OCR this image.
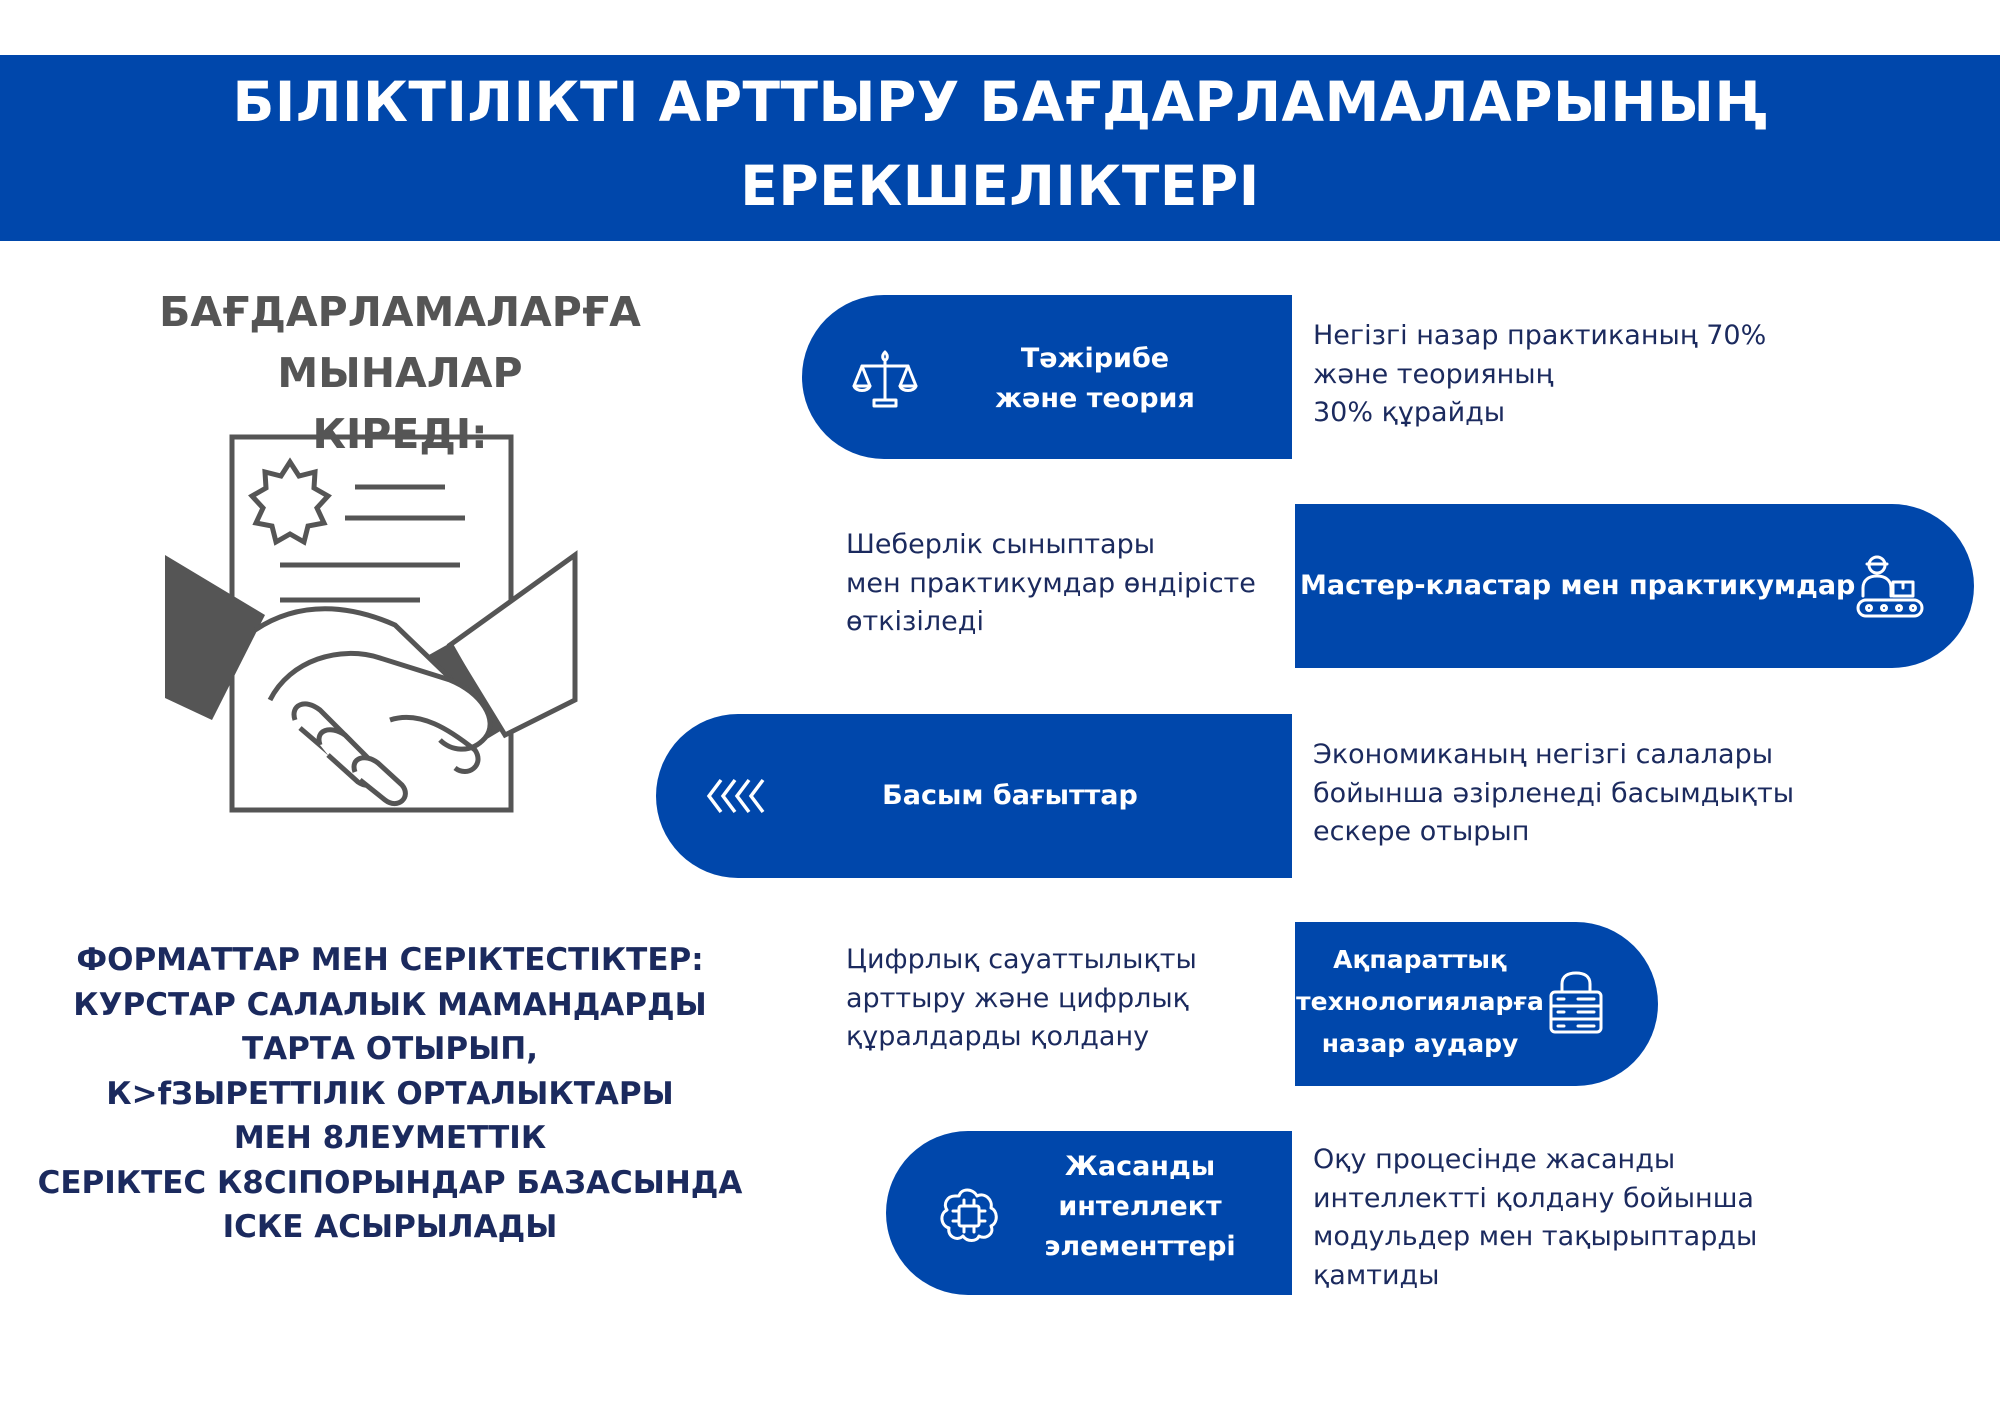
БІЛІКТІЛІКТІ АРТТЫРУ БАҒДАРЛАМАЛАРЫНЫҢ
ЕРЕКШЕЛІКТЕРІ
БАҒДАРЛАМАЛАРҒА МЫНАЛАР
КІРЕДІ:
ФОРМАТТАР МЕН СЕРІКТЕСТІКТЕР:
КУРСТАР САЛАЛЫК МАМАНДАРДЫ
ТАРТА ОТЫРЫП,
К>fЗЫРЕТТІЛІК ОРТАЛЫКТАРЫ
МЕН 8ЛЕУМЕТТІК
СЕРІКТЕС К8СІПОРЫНДАР БАЗАСЫНДА
ІСКЕ АСЫРЫЛАДЫ
Тәжірибе
және теория
Негізгі назар практиканың 70%
және теорияның
30% құрайды
Мастер-кластар мен практикумдар
Шеберлік сыныптары
мен практикумдар өндірісте
өткізіледі
Басым бағыттар
Экономиканың негізгі салалары
бойынша әзірленеді басымдықты
ескере отырып
Ақпараттық
технологияларға
назар аудару
Цифрлық сауаттылықты
арттыру және цифрлық
құралдарды қолдану
Жасанды
интеллект
элементтері
Оқу процесінде жасанды
интеллектті қолдану бойынша
модульдер мен тақырыптарды
қамтиды
